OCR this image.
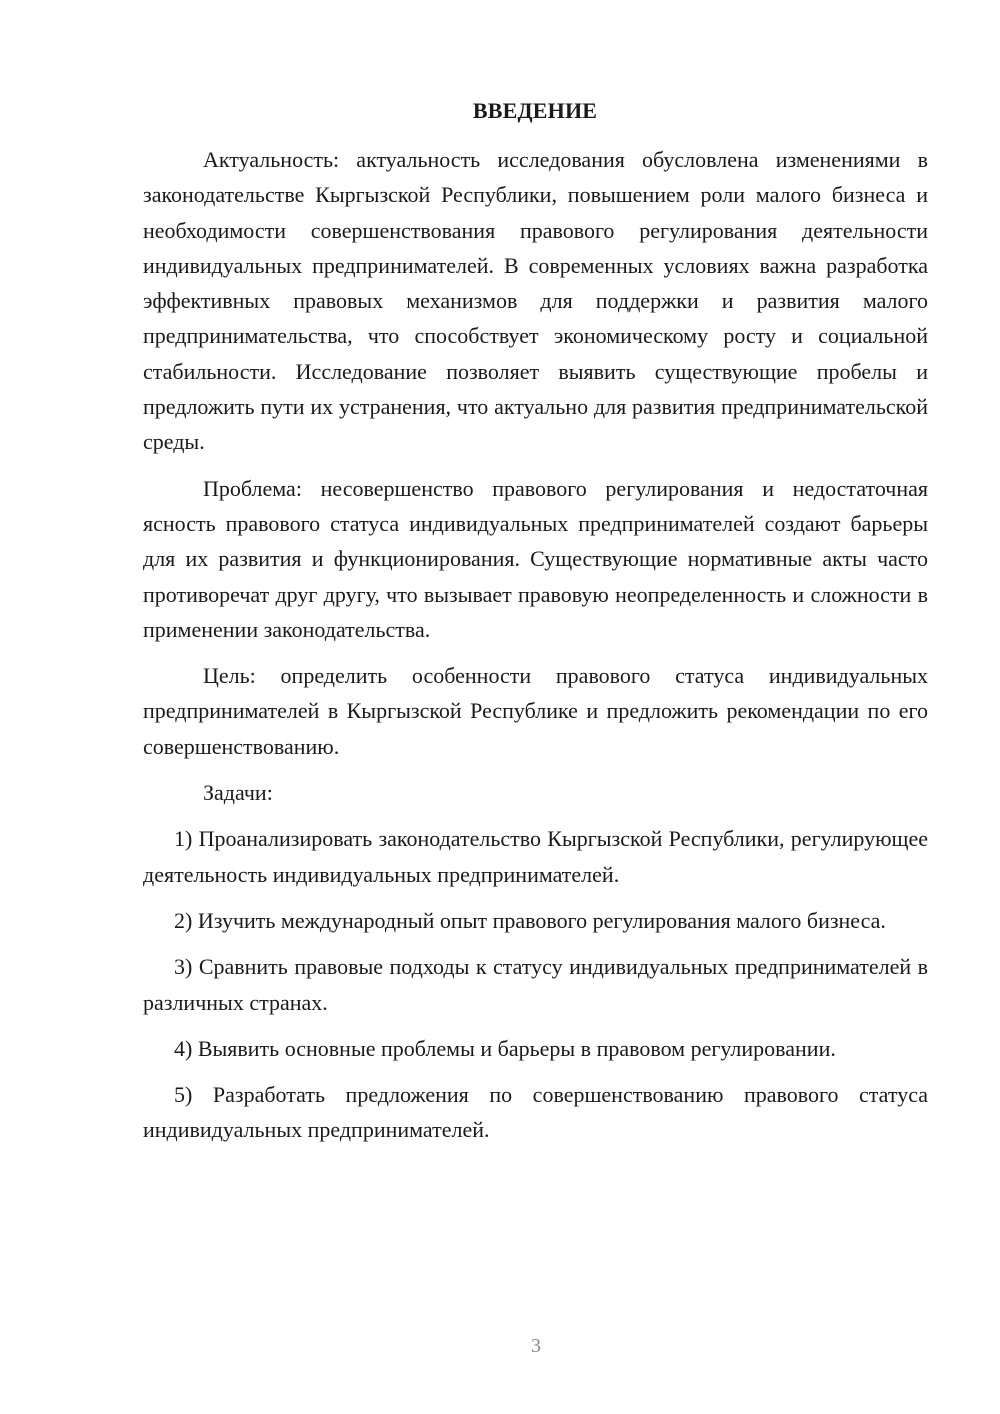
ВВЕДЕНИЕ

Актуальность: актуальность исследования обусловлена изменениями в законодательстве Кыргызской Республики, повышением роли малого бизнеса и необходимости совершенствования правового регулирования деятельности индивидуальных предпринимателей. В современных условиях важна разработка эффективных правовых механизмов для поддержки и развития малого предпринимательства, что способствует экономическому росту и социальной стабильности. Исследование позволяет выявить существующие пробелы и предложить пути их устранения, что актуально для развития предпринимательской среды.

Проблема: несовершенство правового регулирования и недостаточная ясность правового статуса индивидуальных предпринимателей создают барьеры для их развития и функционирования. Существующие нормативные акты часто противоречат друг другу, что вызывает правовую неопределенность и сложности в применении законодательства.

Цель: определить особенности правового статуса индивидуальных предпринимателей в Кыргызской Республике и предложить рекомендации по его совершенствованию.

Задачи:

1) Проанализировать законодательство Кыргызской Республики, регулирующее деятельность индивидуальных предпринимателей.

2) Изучить международный опыт правового регулирования малого бизнеса.

3) Сравнить правовые подходы к статусу индивидуальных предпринимателей в различных странах.

4) Выявить основные проблемы и барьеры в правовом регулировании.

5) Разработать предложения по совершенствованию правового статуса индивидуальных предпринимателей.

3
